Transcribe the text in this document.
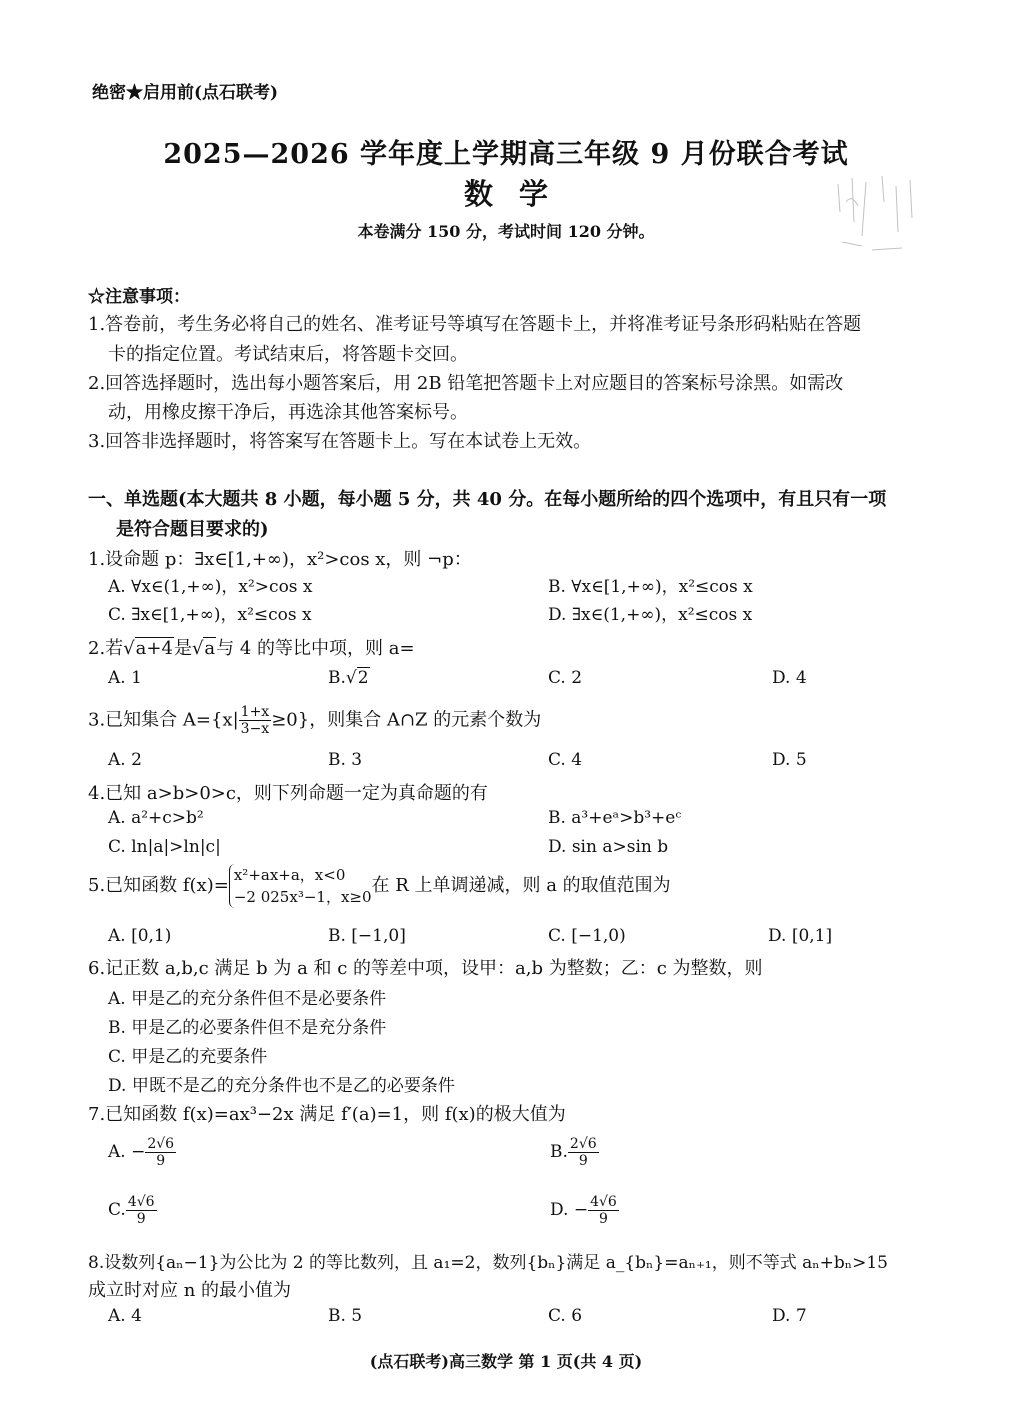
绝密★启用前(点石联考)
2025—2026 学年度上学期高三年级 9 月份联合考试
数学
本卷满分 150 分，考试时间 120 分钟。
☆注意事项：
1.答卷前，考生务必将自己的姓名、准考证号等填写在答题卡上，并将准考证号条形码粘贴在答题
卡的指定位置。考试结束后，将答题卡交回。
2.回答选择题时，选出每小题答案后，用 2B 铅笔把答题卡上对应题目的答案标号涂黑。如需改
动，用橡皮擦干净后，再选涂其他答案标号。
3.回答非选择题时，将答案写在答题卡上。写在本试卷上无效。
一、单选题(本大题共 8 小题，每小题 5 分，共 40 分。在每小题所给的四个选项中，有且只有一项
是符合题目要求的)
1.设命题 p：∃x∈[1,+∞)，x²>cos x，则 ¬p：
A. ∀x∈(1,+∞)，x²>cos x	B. ∀x∈[1,+∞)，x²≤cos x
C. ∃x∈[1,+∞)，x²≤cos x	D. ∃x∈(1,+∞)，x²≤cos x
2.若√a+4是√a与 4 的等比中项，则 a=
A. 1	B.√2	C. 2	D. 4
3.已知集合 $A=\{x| \frac{1+x}{3-x} \ge 0\}$，则集合 A∩Z 的元素个数为
A. 2	B. 3	C. 4	D. 5
4.已知 a>b>0>c，则下列命题一定为真命题的有
A. a²+c>b²	B. a³+eᵃ>b³+eᶜ
C. ln|a|>ln|c|	D. sin a>sin b
5.已知函数 f(x)= x²+ax+a，x<0
−2 025x³−1，x≥0
在 R 上单调递减，则 a 的取值范围为
A. [0,1)	B. [−1,0]	C. [−1,0)	D. [0,1]
6.记正数 a,b,c 满足 b 为 a 和 c 的等差中项，设甲：a,b 为整数；乙：c 为整数，则
A. 甲是乙的充分条件但不是必要条件
B. 甲是乙的必要条件但不是充分条件
C. 甲是乙的充要条件
D. 甲既不是乙的充分条件也不是乙的必要条件
7.已知函数 f(x)=ax³−2x 满足 f′(a)=1，则 f(x)的极大值为
A. − $\frac{2√6}{9}$	B. $\frac{2√6}{9}$
C. $\frac{4√6}{9}$	D. − $\frac{4√6}{9}$
8.设数列{aₙ−1}为公比为 2 的等比数列，且 a₁=2，数列{bₙ}满足 a_{bₙ}=aₙ₊₁，则不等式 aₙ+bₙ>15
成立时对应 n 的最小值为
A. 4	B. 5	C. 6	D. 7
(点石联考)高三数学 第 1 页(共 4 页)
